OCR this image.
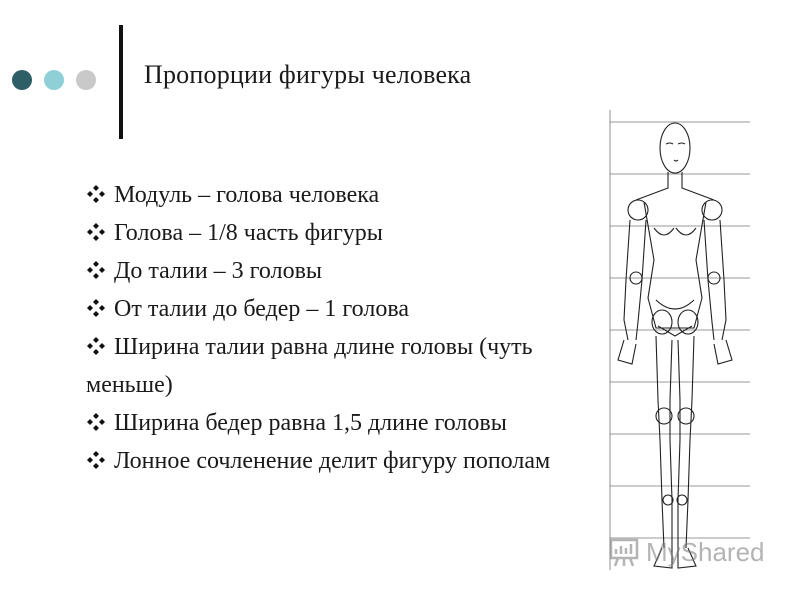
Пропорции фигуры человека
Модуль – голова человека
Голова – 1/8 часть фигуры
До талии – 3 головы
От талии до бедер – 1 голова
Ширина талии равна длине головы (чуть меньше)
Ширина бедер равна 1,5 длине головы
Лонное сочленение делит фигуру пополам
MyShared
